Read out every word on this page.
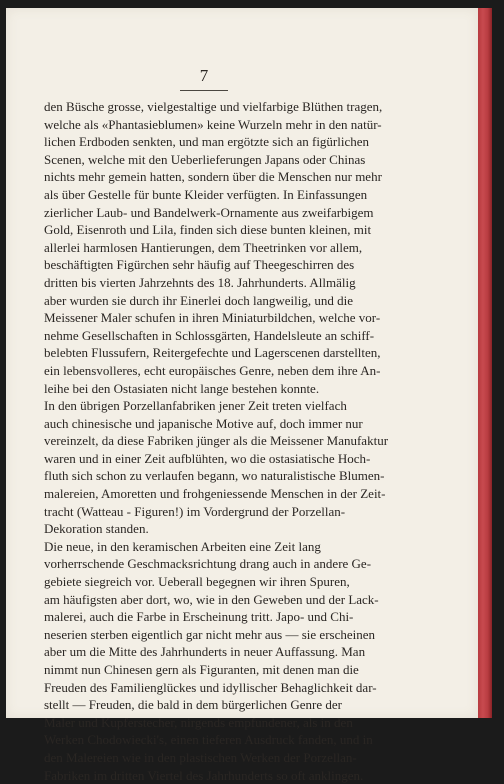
7
den Büsche grosse, vielgestaltige und vielfarbige Blüthen tragen,
welche als «Phantasieblumen» keine Wurzeln mehr in den natür-
lichen Erdboden senkten, und man ergötzte sich an figürlichen
Scenen, welche mit den Ueberlieferungen Japans oder Chinas
nichts mehr gemein hatten, sondern über die Menschen nur mehr
als über Gestelle für bunte Kleider verfügten. In Einfassungen
zierlicher Laub- und Bandelwerk-Ornamente aus zweifarbigem
Gold, Eisenroth und Lila, finden sich diese bunten kleinen, mit
allerlei harmlosen Hantierungen, dem Theetrinken vor allem,
beschäftigten Figürchen sehr häufig auf Theegeschirren des
dritten bis vierten Jahrzehnts des 18. Jahrhunderts. Allmälig
aber wurden sie durch ihr Einerlei doch langweilig, und die
Meissener Maler schufen in ihren Miniaturbildchen, welche vor-
nehme Gesellschaften in Schlossgärten, Handelsleute an schiff-
belebten Flussufern, Reitergefechte und Lagerscenen darstellten,
ein lebensvolleres, echt europäisches Genre, neben dem ihre An-
leihe bei den Ostasiaten nicht lange bestehen konnte.
In den übrigen Porzellanfabriken jener Zeit treten vielfach
auch chinesische und japanische Motive auf, doch immer nur
vereinzelt, da diese Fabriken jünger als die Meissener Manufaktur
waren und in einer Zeit aufblühten, wo die ostasiatische Hoch-
fluth sich schon zu verlaufen begann, wo naturalistische Blumen-
malereien, Amoretten und frohgeniessende Menschen in der Zeit-
tracht (Watteau - Figuren!) im Vordergrund der Porzellan-
Dekoration standen.
Die neue, in den keramischen Arbeiten eine Zeit lang
vorherrschende Geschmacksrichtung drang auch in andere Ge-
gebiete siegreich vor. Ueberall begegnen wir ihren Spuren,
am häufigsten aber dort, wo, wie in den Geweben und der Lack-
malerei, auch die Farbe in Erscheinung tritt. Japo- und Chi-
neserien sterben eigentlich gar nicht mehr aus — sie erscheinen
aber um die Mitte des Jahrhunderts in neuer Auffassung. Man
nimmt nun Chinesen gern als Figuranten, mit denen man die
Freuden des Familienglückes und idyllischer Behaglichkeit dar-
stellt — Freuden, die bald in dem bürgerlichen Genre der
Maler und Kupferstecher, nirgends empfundener, als in den
Werken Chodowiecki's, einen tieferen Ausdruck fanden, und in
den Malereien wie in den plastischen Werken der Porzellan-
Fabriken im dritten Viertel des Jahrhunderts so oft anklingen.
